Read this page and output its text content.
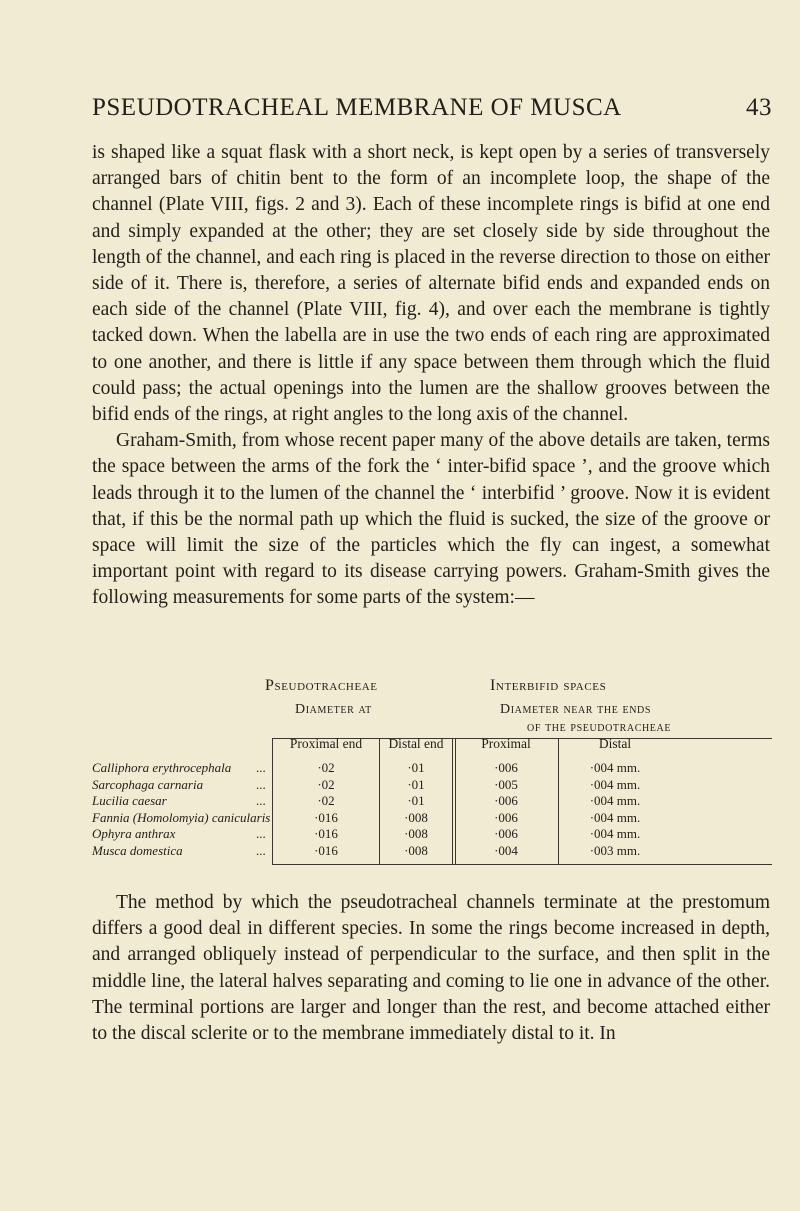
PSEUDOTRACHEAL MEMBRANE OF MUSCA	43

is shaped like a squat flask with a short neck, is kept open by a series of transversely arranged bars of chitin bent to the form of an incomplete loop, the shape of the channel (Plate VIII, figs. 2 and 3). Each of these incomplete rings is bifid at one end and simply expanded at the other; they are set closely side by side throughout the length of the channel, and each ring is placed in the reverse direction to those on either side of it. There is, therefore, a series of alternate bifid ends and expanded ends on each side of the channel (Plate VIII, fig. 4), and over each the membrane is tightly tacked down. When the labella are in use the two ends of each ring are approximated to one another, and there is little if any space between them through which the fluid could pass; the actual openings into the lumen are the shallow grooves between the bifid ends of the rings, at right angles to the long axis of the channel.

Graham-Smith, from whose recent paper many of the above details are taken, terms the space between the arms of the fork the ‘ inter-bifid space ’, and the groove which leads through it to the lumen of the channel the ‘ interbifid ’ groove. Now it is evident that, if this be the normal path up which the fluid is sucked, the size of the groove or space will limit the size of the particles which the fly can ingest, a somewhat important point with regard to its disease carrying powers. Graham-Smith gives the following measurements for some parts of the system:—

Pseudotracheae	Interbifid spaces
Diameter at	Diameter near the ends
of the pseudotracheae
Proximal end	Distal end	Proximal	Distal
Calliphora erythrocephala ...	·02	·01	·006	·004 mm.
Sarcophaga carnaria	...	·02	·01	·005	·004 mm.
Lucilia caesar	...	·02	·01	·006	·004 mm.
Fannia (Homolomyia) canicularis	·016	·008	·006	·004 mm.
Ophyra anthrax	...	·016	·008	·006	·004 mm.
Musca domestica	...	·016	·008	·004	·003 mm.

The method by which the pseudotracheal channels terminate at the prestomum differs a good deal in different species. In some the rings become increased in depth, and arranged obliquely instead of perpendicular to the surface, and then split in the middle line, the lateral halves separating and coming to lie one in advance of the other. The terminal portions are larger and longer than the rest, and become attached either to the discal sclerite or to the membrane immediately distal to it. In
